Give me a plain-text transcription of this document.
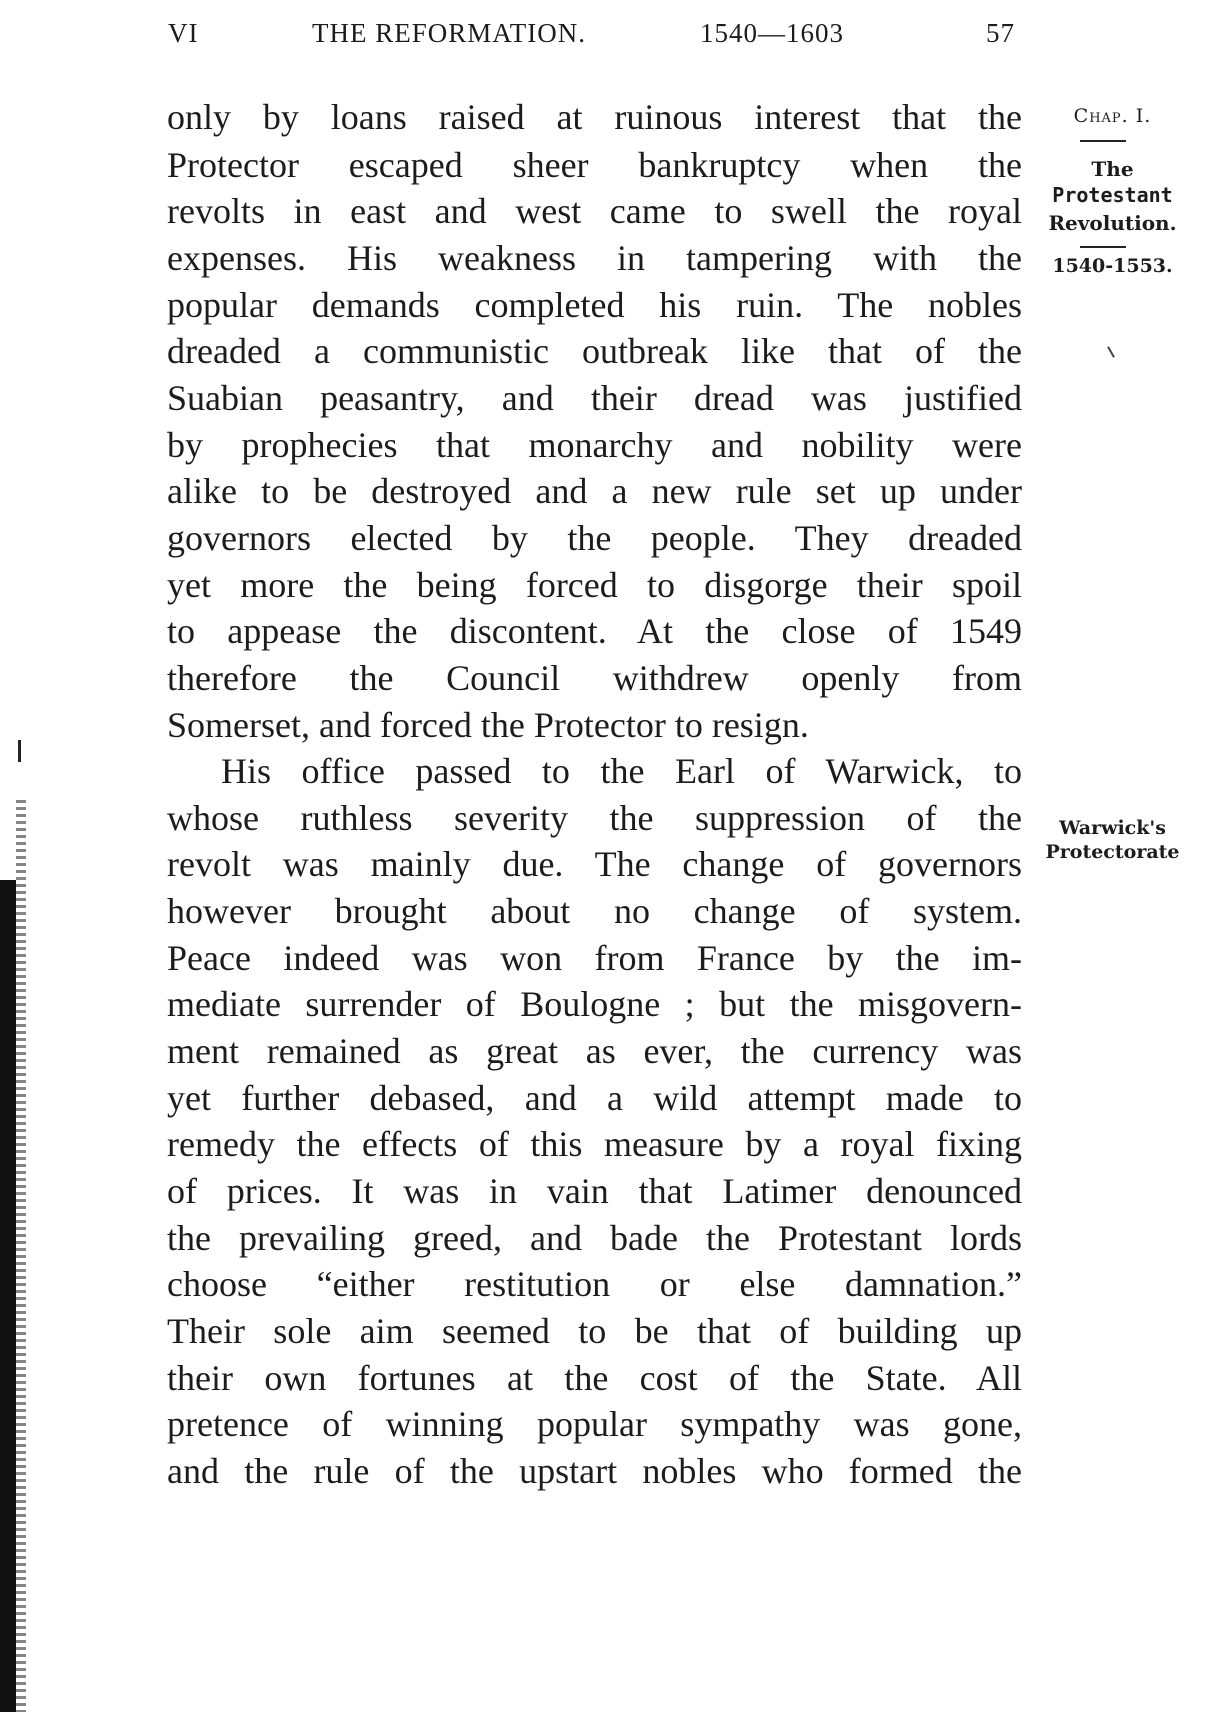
VI	THE REFORMATION.	1540—1603	57
only by loans raised at ruinous interest that the
Protector escaped sheer bankruptcy when the
revolts in east and west came to swell the royal
expenses. His weakness in tampering with the
popular demands completed his ruin. The nobles
dreaded a communistic outbreak like that of the
Suabian peasantry, and their dread was justified
by prophecies that monarchy and nobility were
alike to be destroyed and a new rule set up under
governors elected by the people. They dreaded
yet more the being forced to disgorge their spoil
to appease the discontent. At the close of 1549
therefore the Council withdrew openly from
Somerset, and forced the Protector to resign.
His office passed to the Earl of Warwick, to
whose ruthless severity the suppression of the
revolt was mainly due. The change of governors
however brought about no change of system.
Peace indeed was won from France by the im-
mediate surrender of Boulogne ; but the misgovern-
ment remained as great as ever, the currency was
yet further debased, and a wild attempt made to
remedy the effects of this measure by a royal fixing
of prices. It was in vain that Latimer denounced
the prevailing greed, and bade the Protestant lords
choose “either restitution or else damnation.”
Their sole aim seemed to be that of building up
their own fortunes at the cost of the State. All
pretence of winning popular sympathy was gone,
and the rule of the upstart nobles who formed the
Chap. I.
The
Protestant
Revolution.
1540-1553.
Warwick's
Protectorate
